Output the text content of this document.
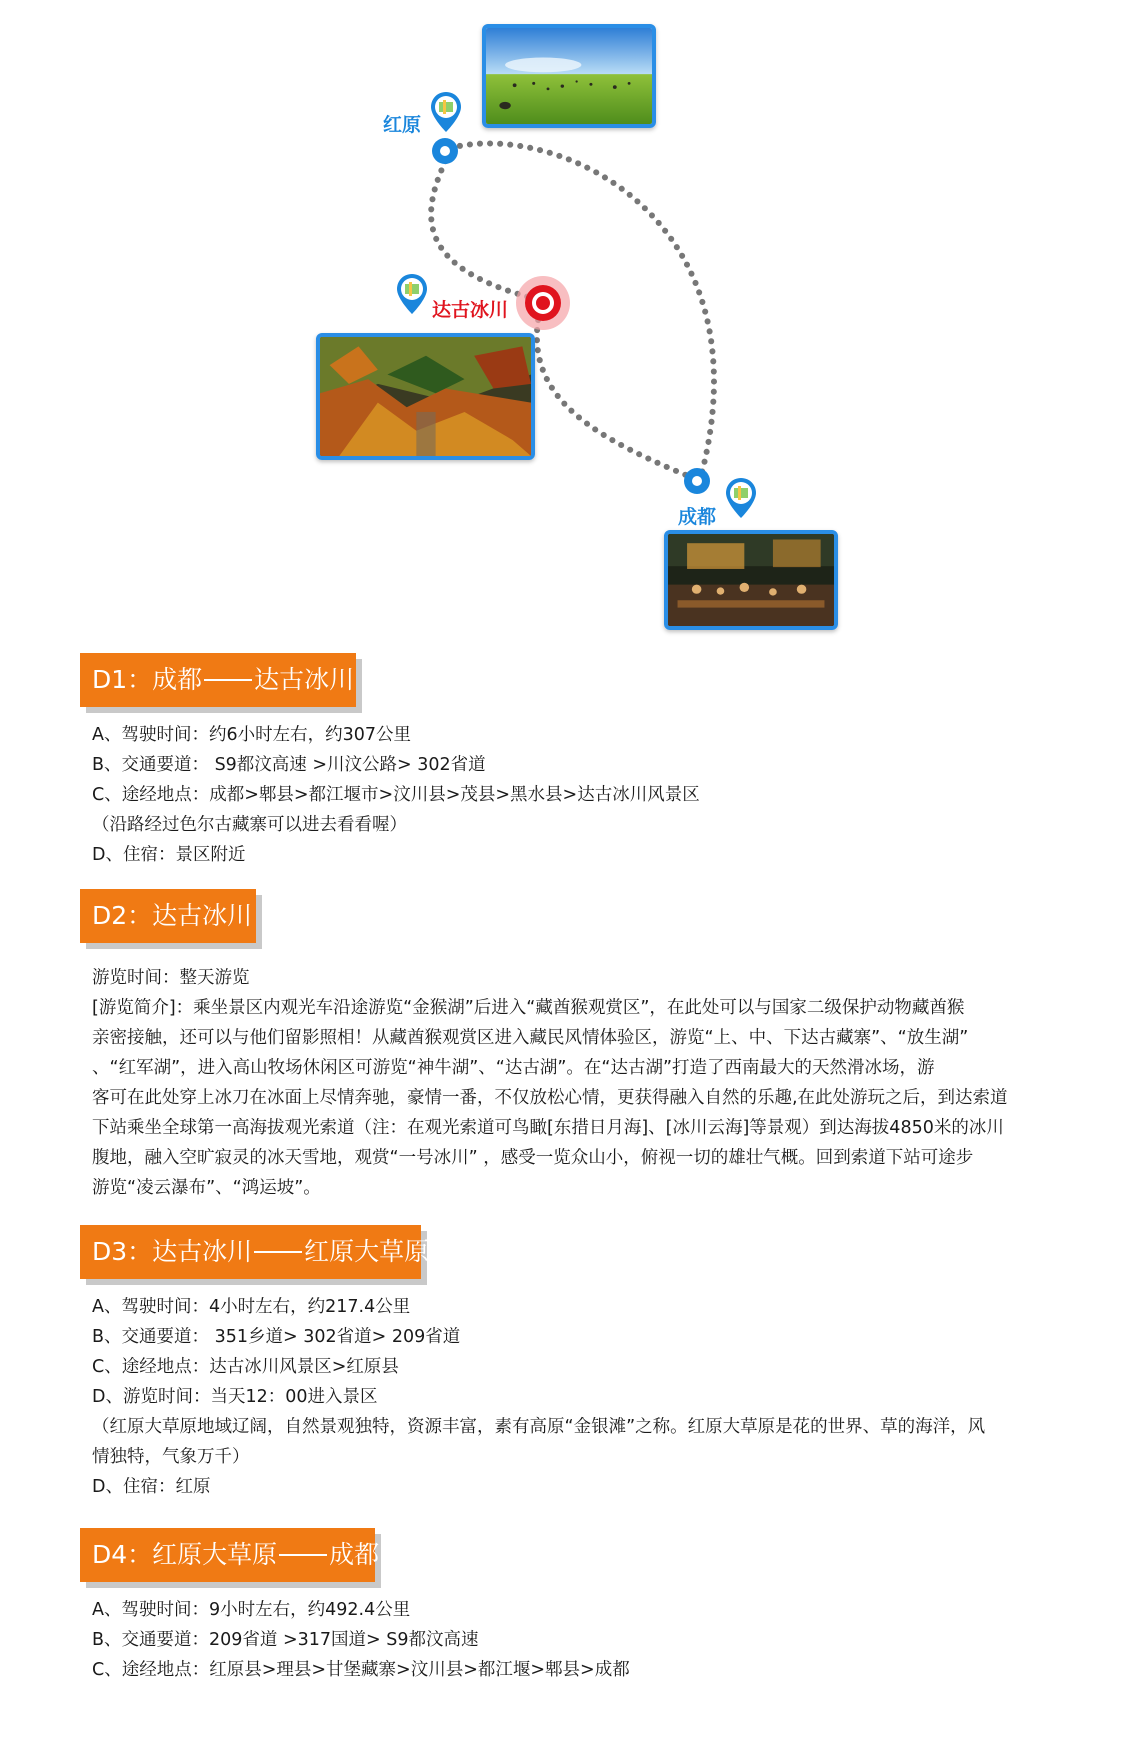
红原
达古冰川
成都
D1：成都 达古冰川
A、驾驶时间：约6小时左右，约307公里
B、交通要道： S9都汶高速 >川汶公路> 302省道
C、途经地点：成都>郫县>都江堰市>汶川县>茂县>黑水县>达古冰川风景区
（沿路经过色尔古藏寨可以进去看看喔）
D、住宿：景区附近
D2：达古冰川
游览时间：整天游览
[游览简介]：乘坐景区内观光车沿途游览“金猴湖”后进入“藏酋猴观赏区”，在此处可以与国家二级保护动物藏酋猴
亲密接触，还可以与他们留影照相！从藏酋猴观赏区进入藏民风情体验区，游览“上、中、下达古藏寨”、“放生湖”
、“红军湖”，进入高山牧场休闲区可游览“神牛湖”、“达古湖”。在“达古湖”打造了西南最大的天然滑冰场，游
客可在此处穿上冰刀在冰面上尽情奔驰，豪情一番，不仅放松心情，更获得融入自然的乐趣,在此处游玩之后，到达索道
下站乘坐全球第一高海拔观光索道（注：在观光索道可鸟瞰[东措日月海]、[冰川云海]等景观）到达海拔4850米的冰川
腹地，融入空旷寂灵的冰天雪地，观赏“一号冰川” ，感受一览众山小，俯视一切的雄壮气概。回到索道下站可途步
游览“凌云瀑布”、“鸿运坡”。
D3：达古冰川 红原大草原
A、驾驶时间：4小时左右，约217.4公里
B、交通要道： 351乡道> 302省道> 209省道
C、途经地点：达古冰川风景区>红原县
D、游览时间：当天12：00进入景区
（红原大草原地域辽阔，自然景观独特，资源丰富，素有高原“金银滩”之称。红原大草原是花的世界、草的海洋，风
情独特，气象万千）
D、住宿：红原
D4：红原大草原 成都
A、驾驶时间：9小时左右，约492.4公里
B、交通要道：209省道 >317国道> S9都汶高速
C、途经地点：红原县>理县>甘堡藏寨>汶川县>都江堰>郫县>成都
